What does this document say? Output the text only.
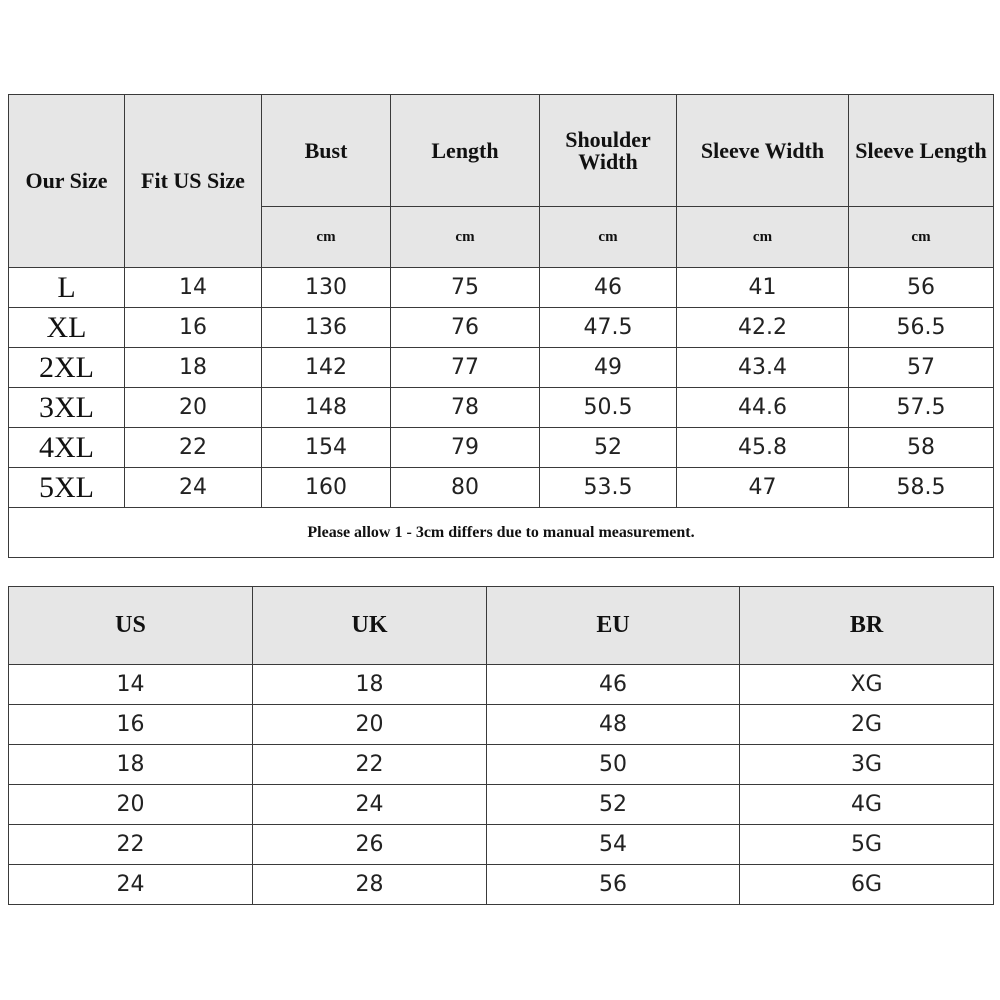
Our Size	Fit US Size	Bust	Length	Shoulder Width	Sleeve Width	Sleeve Length
		cm	cm	cm	cm	cm
L	14	130	75	46	41	56
XL	16	136	76	47.5	42.2	56.5
2XL	18	142	77	49	43.4	57
3XL	20	148	78	50.5	44.6	57.5
4XL	22	154	79	52	45.8	58
5XL	24	160	80	53.5	47	58.5
Please allow 1 - 3cm differs due to manual measurement.						
US	UK	EU	BR
14	18	46	XG
16	20	48	2G
18	22	50	3G
20	24	52	4G
22	26	54	5G
24	28	56	6G
